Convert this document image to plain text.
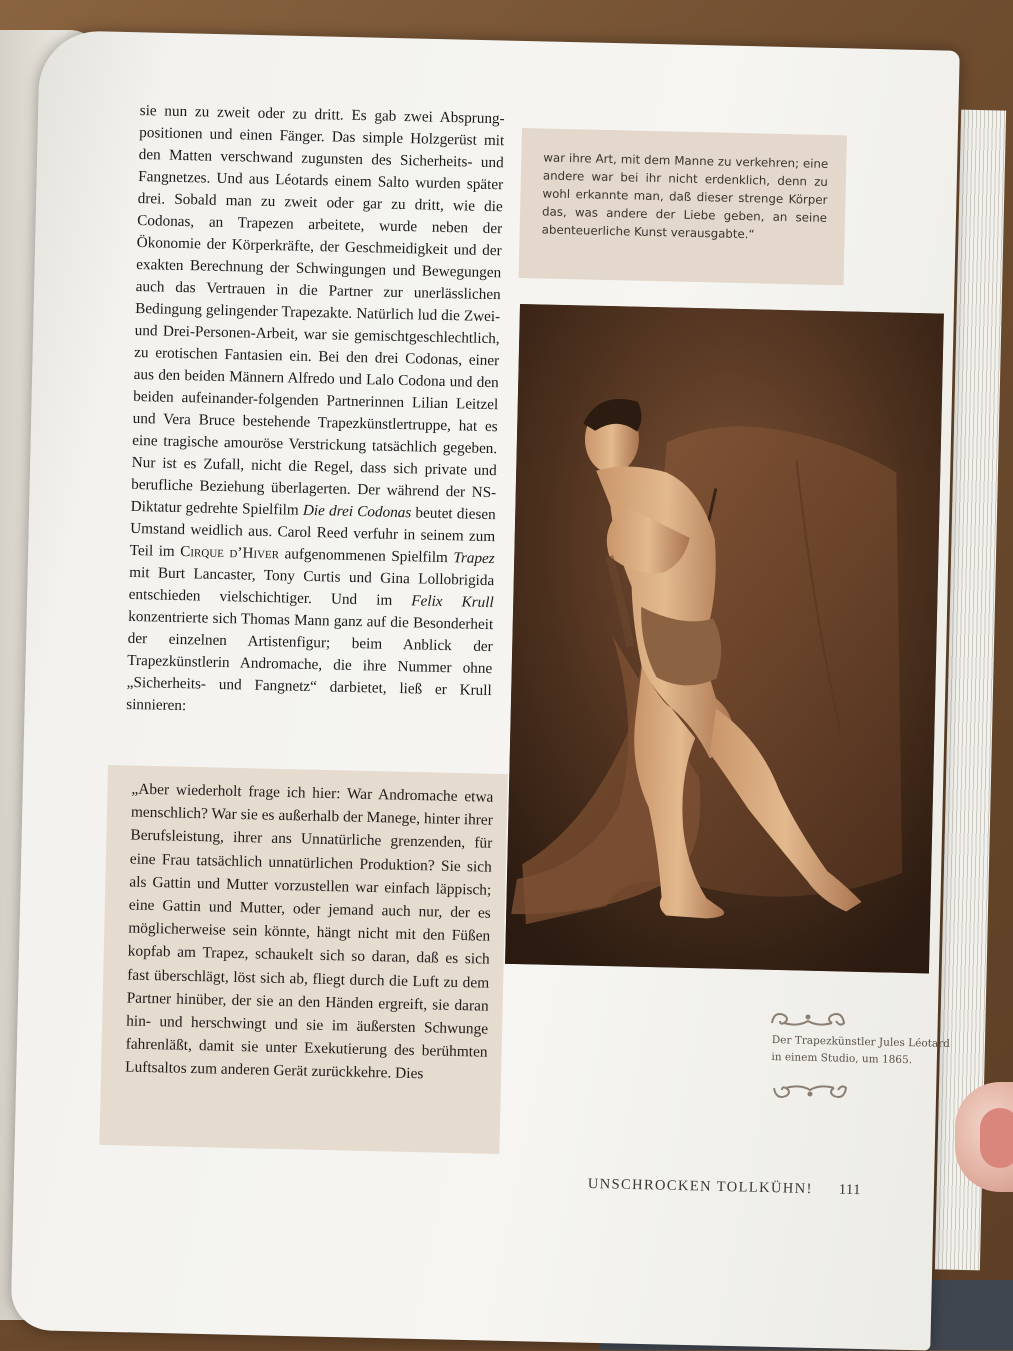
sie nun zu zweit oder zu dritt. Es gab zwei Absprung-positionen und einen Fänger. Das simple Holzgerüst mit den Matten verschwand zugunsten des Sicherheits- und Fangnetzes. Und aus Léotards einem Salto wurden später drei. Sobald man zu zweit oder gar zu dritt, wie die Codonas, an Trapezen arbeitete, wurde neben der Ökonomie der Körperkräfte, der Geschmeidigkeit und der exakten Berechnung der Schwingungen und Bewegungen auch das Vertrauen in die Partner zur unerlässlichen Bedingung gelingender Trapezakte. Natürlich lud die Zwei- und Drei-Personen-Arbeit, war sie gemischtgeschlechtlich, zu erotischen Fantasien ein. Bei den drei Codonas, einer aus den beiden Männern Alfredo und Lalo Codona und den beiden aufeinander-folgenden Partnerinnen Lilian Leitzel und Vera Bruce bestehende Trapezkünstlertruppe, hat es eine tragische amouröse Verstrickung tatsächlich gegeben. Nur ist es Zufall, nicht die Regel, dass sich private und berufliche Beziehung überlagerten. Der während der NS-Diktatur gedrehte Spielfilm Die drei Codonas beutet diesen Umstand weidlich aus. Carol Reed verfuhr in seinem zum Teil im Cirque d’Hiver aufgenommenen Spielfilm Trapez mit Burt Lancaster, Tony Curtis und Gina Lollobrigida entschieden vielschichtiger. Und im Felix Krull konzentrierte sich Thomas Mann ganz auf die Besonderheit der einzelnen Artistenfigur; beim Anblick der Trapezkünstlerin Andromache, die ihre Nummer ohne „Sicherheits- und Fangnetz“ darbietet, ließ er Krull sinnieren:

war ihre Art, mit dem Manne zu verkehren; eine andere war bei ihr nicht erdenklich, denn zu wohl erkannte man, daß dieser strenge Körper das, was andere der Liebe geben, an seine abenteuerliche Kunst verausgabte.“
„Aber wiederholt frage ich hier: War Andromache etwa menschlich? War sie es außerhalb der Manege, hinter ihrer Berufsleistung, ihrer ans Unnatürliche grenzenden, für eine Frau tatsächlich unnatürlichen Produktion? Sie sich als Gattin und Mutter vorzustellen war einfach läppisch; eine Gattin und Mutter, oder jemand auch nur, der es möglicherweise sein könnte, hängt nicht mit den Füßen kopfab am Trapez, schaukelt sich so daran, daß es sich fast überschlägt, löst sich ab, fliegt durch die Luft zu dem Partner hinüber, der sie an den Händen ergreift, sie daran hin- und herschwingt und sie im äußersten Schwunge fahrenläßt, damit sie unter Exekutierung des berühmten Luftsaltos zum anderen Gerät zurückkehre. Dies
Der Trapezkünstler Jules Léotard in einem Studio, um 1865.
UNSCHROCKEN TOLLKÜHN! 111
